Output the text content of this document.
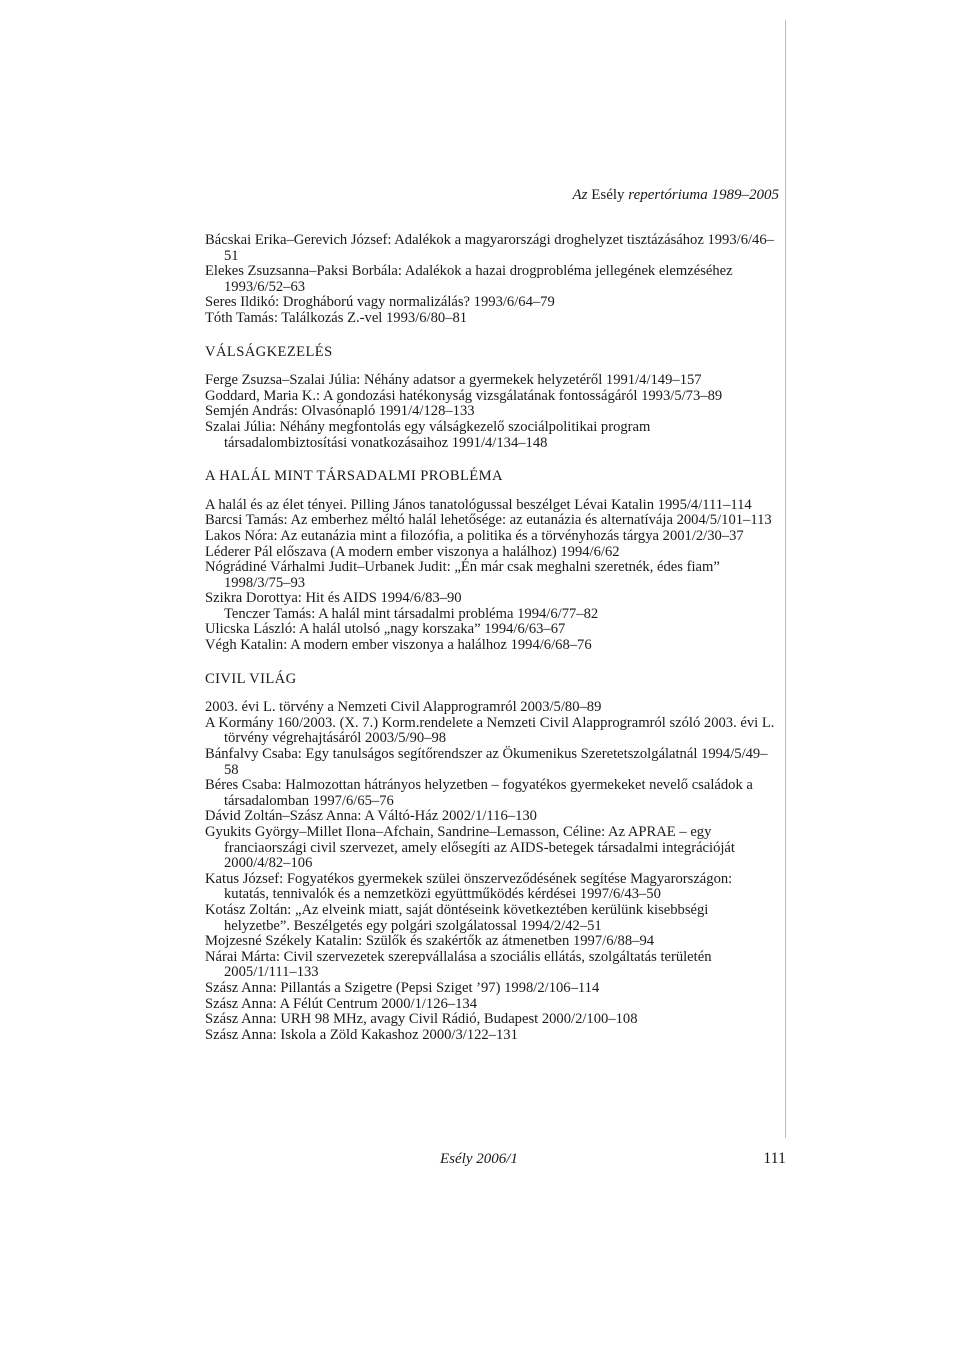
Az Esély repertóriuma 1989–2005
Bácskai Erika–Gerevich József: Adalékok a magyarországi droghelyzet tisztázásához 1993/6/46–51
Elekes Zsuzsanna–Paksi Borbála: Adalékok a hazai drogprobléma jellegének elemzéséhez 1993/6/52–63
Seres Ildikó: Drogháború vagy normalizálás? 1993/6/64–79
Tóth Tamás: Találkozás Z.-vel 1993/6/80–81
VÁLSÁGKEZELÉS
Ferge Zsuzsa–Szalai Júlia: Néhány adatsor a gyermekek helyzetéről 1991/4/149–157
Goddard, Maria K.: A gondozási hatékonyság vizsgálatának fontosságáról 1993/5/73–89
Semjén András: Olvasónapló 1991/4/128–133
Szalai Júlia: Néhány megfontolás egy válságkezelő szociálpolitikai program társadalombiztosítási vonatkozásaihoz 1991/4/134–148
A HALÁL MINT TÁRSADALMI PROBLÉMA
A halál és az élet tényei. Pilling János tanatológussal beszélget Lévai Katalin 1995/4/111–114
Barcsi Tamás: Az emberhez méltó halál lehetősége: az eutanázia és alternatívája 2004/5/101–113
Lakos Nóra: Az eutanázia mint a filozófia, a politika és a törvényhozás tárgya 2001/2/30–37
Léderer Pál előszava (A modern ember viszonya a halálhoz) 1994/6/62
Nógrádiné Várhalmi Judit–Urbanek Judit: „Én már csak meghalni szeretnék, édes fiam” 1998/3/75–93
Szikra Dorottya: Hit és AIDS 1994/6/83–90
Tenczer Tamás: A halál mint társadalmi probléma 1994/6/77–82
Ulicska László: A halál utolsó „nagy korszaka” 1994/6/63–67
Végh Katalin: A modern ember viszonya a halálhoz 1994/6/68–76
CIVIL VILÁG
2003. évi L. törvény a Nemzeti Civil Alapprogramról 2003/5/80–89
A Kormány 160/2003. (X. 7.) Korm.rendelete a Nemzeti Civil Alapprogramról szóló 2003. évi L. törvény végrehajtásáról 2003/5/90–98
Bánfalvy Csaba: Egy tanulságos segítőrendszer az Ökumenikus Szeretetszolgálatnál 1994/5/49–58
Béres Csaba: Halmozottan hátrányos helyzetben – fogyatékos gyermekeket nevelő családok a társadalomban 1997/6/65–76
Dávid Zoltán–Szász Anna: A Váltó-Ház 2002/1/116–130
Gyukits György–Millet Ilona–Afchain, Sandrine–Lemasson, Céline: Az APRAE – egy franciaországi civil szervezet, amely elősegíti az AIDS-betegek társadalmi integrációját 2000/4/82–106
Katus József: Fogyatékos gyermekek szülei önszerveződésének segítése Magyarországon: kutatás, tennivalók és a nemzetközi együttműködés kérdései 1997/6/43–50
Kotász Zoltán: „Az elveink miatt, saját döntéseink következtében kerülünk kisebbségi helyzetbe”. Beszélgetés egy polgári szolgálatossal 1994/2/42–51
Mojzesné Székely Katalin: Szülők és szakértők az átmenetben 1997/6/88–94
Nárai Márta: Civil szervezetek szerepvállalása a szociális ellátás, szolgáltatás területén 2005/1/111–133
Szász Anna: Pillantás a Szigetre (Pepsi Sziget ’97) 1998/2/106–114
Szász Anna: A Félút Centrum 2000/1/126–134
Szász Anna: URH 98 MHz, avagy Civil Rádió, Budapest 2000/2/100–108
Szász Anna: Iskola a Zöld Kakashoz 2000/3/122–131
Esély 2006/1	111
